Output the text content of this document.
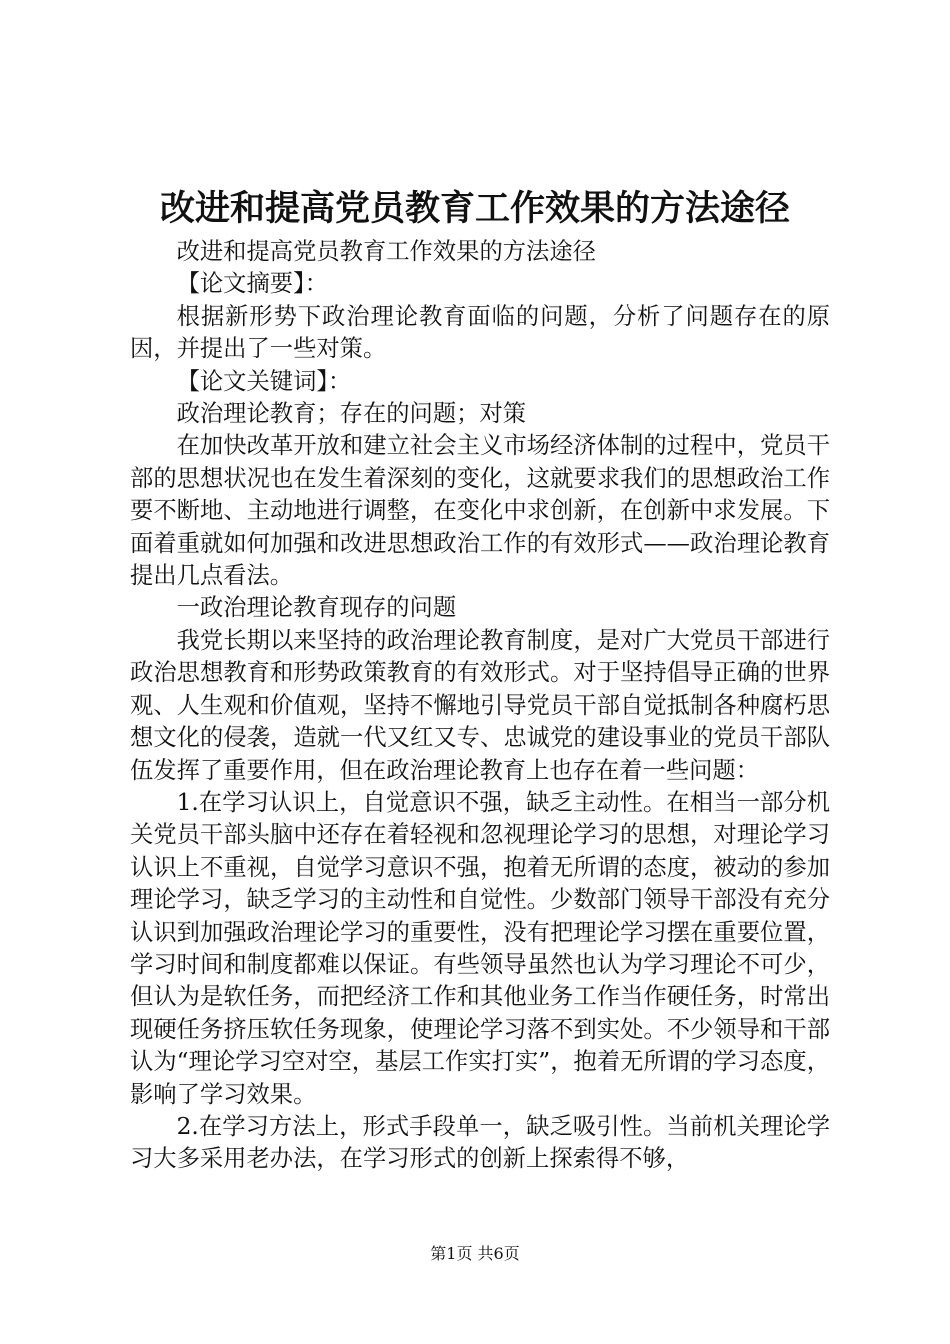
改进和提高党员教育工作效果的方法途径

改进和提高党员教育工作效果的方法途径

【论文摘要】：

根据新形势下政治理论教育面临的问题，分析了问题存在的原因，并提出了一些对策。

【论文关键词】：

政治理论教育；存在的问题；对策

在加快改革开放和建立社会主义市场经济体制的过程中，党员干部的思想状况也在发生着深刻的变化，这就要求我们的思想政治工作要不断地、主动地进行调整，在变化中求创新，在创新中求发展。下面着重就如何加强和改进思想政治工作的有效形式——政治理论教育提出几点看法。

一政治理论教育现存的问题

我党长期以来坚持的政治理论教育制度，是对广大党员干部进行政治思想教育和形势政策教育的有效形式。对于坚持倡导正确的世界观、人生观和价值观，坚持不懈地引导党员干部自觉抵制各种腐朽思想文化的侵袭，造就一代又红又专、忠诚党的建设事业的党员干部队伍发挥了重要作用，但在政治理论教育上也存在着一些问题：

1.在学习认识上，自觉意识不强，缺乏主动性。在相当一部分机关党员干部头脑中还存在着轻视和忽视理论学习的思想，对理论学习认识上不重视，自觉学习意识不强，抱着无所谓的态度，被动的参加理论学习，缺乏学习的主动性和自觉性。少数部门领导干部没有充分认识到加强政治理论学习的重要性，没有把理论学习摆在重要位置，学习时间和制度都难以保证。有些领导虽然也认为学习理论不可少，但认为是软任务，而把经济工作和其他业务工作当作硬任务，时常出现硬任务挤压软任务现象，使理论学习落不到实处。不少领导和干部认为“理论学习空对空，基层工作实打实”，抱着无所谓的学习态度，影响了学习效果。

2.在学习方法上，形式手段单一，缺乏吸引性。当前机关理论学习大多采用老办法，在学习形式的创新上探索得不够，

第1页 共6页
